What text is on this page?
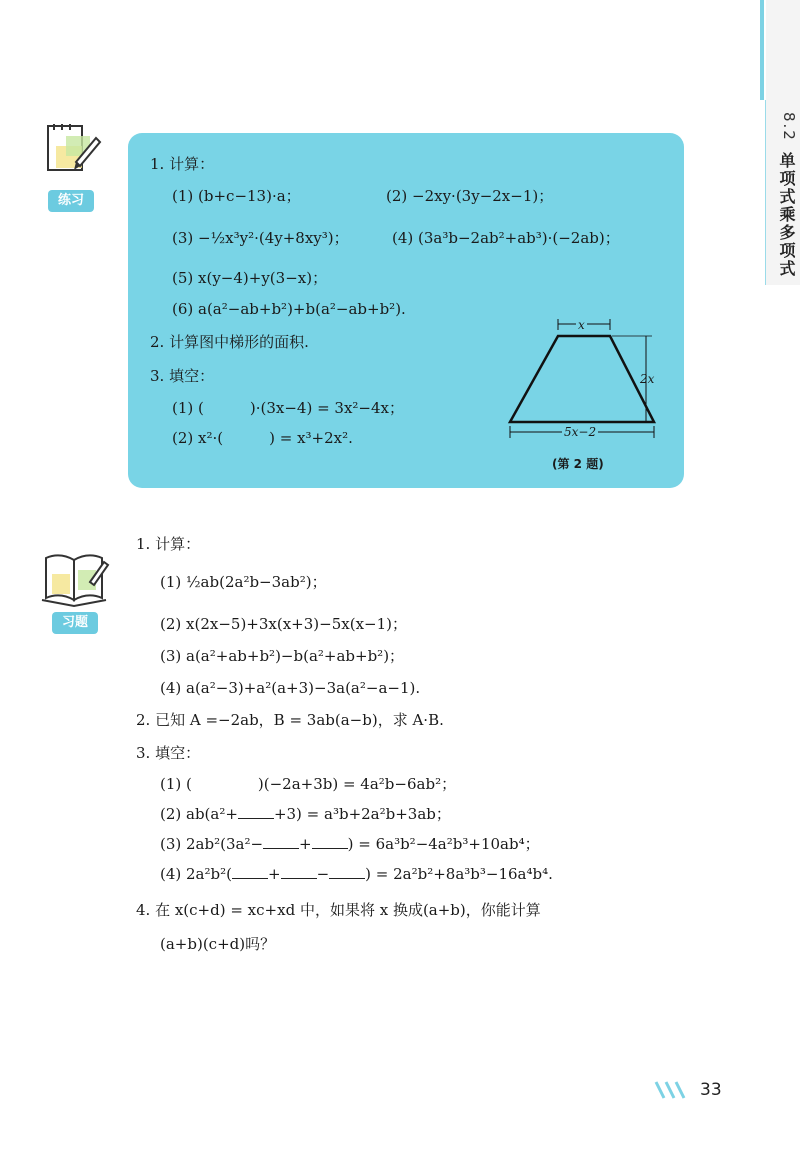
8.2
单项式乘多项式
练习
1. 计算：
(1) (b+c−13)·a；	(2) −2xy·(3y−2x−1)；
(3) −½x³y²·(4y+8xy³)；	(4) (3a³b−2ab²+ab³)·(−2ab)；
(5) x(y−4)+y(3−x)；
(6) a(a²−ab+b²)+b(a²−ab+b²).
2. 计算图中梯形的面积.
3. 填空：
(1) (	)·(3x−4) = 3x²−4x；
(2) x²·(	) = x³+2x².
x
2x
5x−2
(第 2 题)
习题
1. 计算：
(1) ½ab(2a²b−3ab²)；
(2) x(2x−5)+3x(x+3)−5x(x−1)；
(3) a(a²+ab+b²)−b(a²+ab+b²)；
(4) a(a²−3)+a²(a+3)−3a(a²−a−1).
2. 已知 A =−2ab，B = 3ab(a−b)，求 A·B.
3. 填空：
(1) (	)(−2a+3b) = 4a²b−6ab²；
(2) ab(a²+ +3) = a³b+2a²b+3ab；
(3) 2ab²(3a²− + ) = 6a³b²−4a²b³+10ab⁴；
(4) 2a²b²( + − ) = 2a²b²+8a³b³−16a⁴b⁴.
4. 在 x(c+d) = xc+xd 中，如果将 x 换成(a+b)，你能计算
(a+b)(c+d)吗？
33
